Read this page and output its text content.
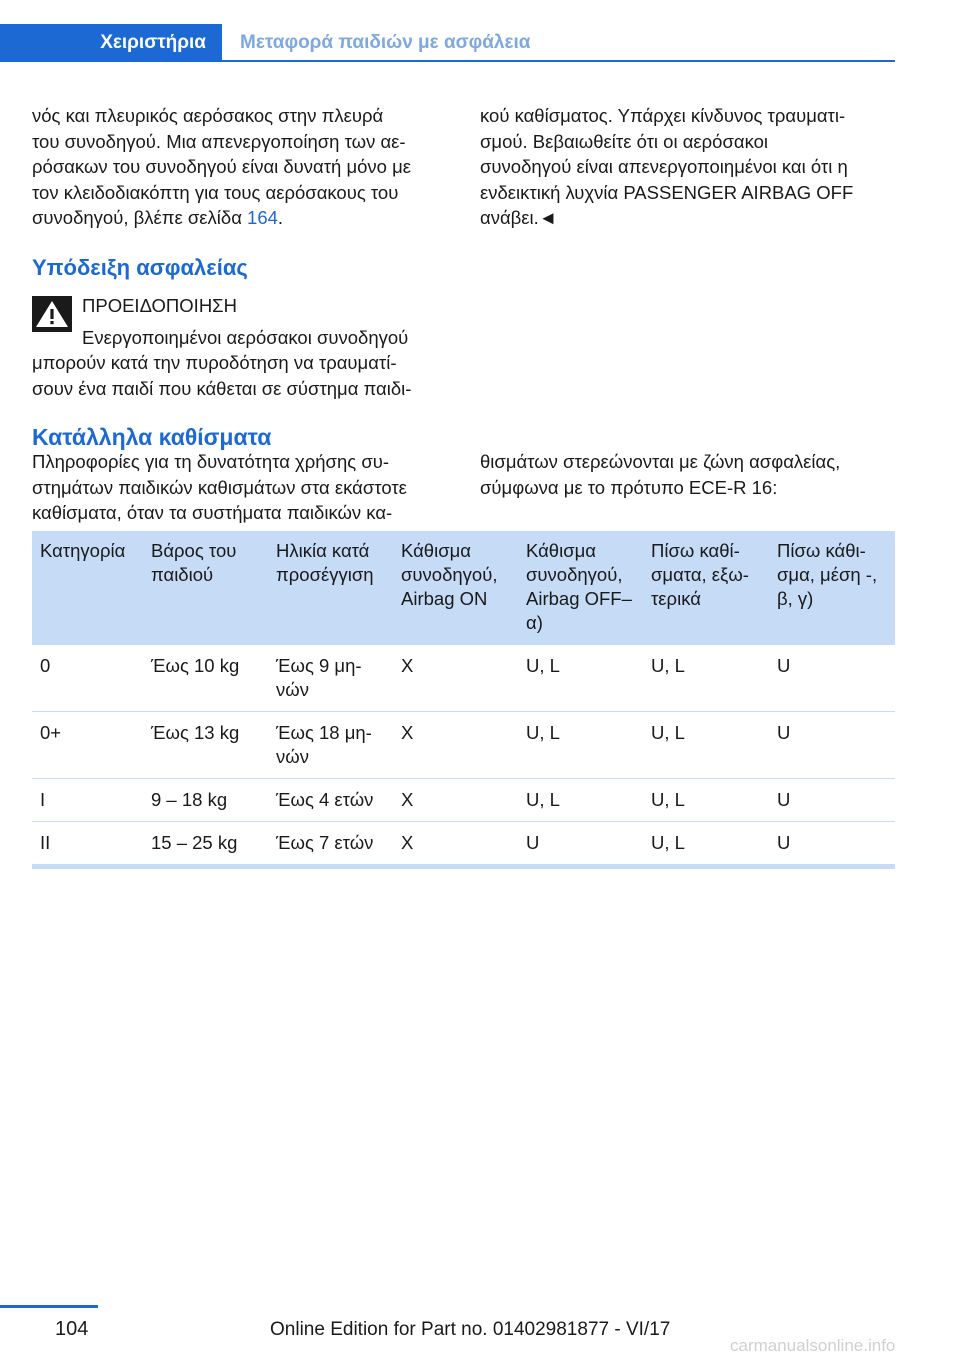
Χειριστήρια	Μεταφορά παιδιών με ασφάλεια

νός και πλευρικός αερόσακος στην πλευρά

του συνοδηγού. Μια απενεργοποίηση των αε‐

ρόσακων του συνοδηγού είναι δυνατή μόνο με

τον κλειδοδιακόπτη για τους αερόσακους του

συνοδηγού, βλέπε σελίδα 164.

κού καθίσματος. Υπάρχει κίνδυνος τραυματι‐

σμού. Βεβαιωθείτε ότι οι αερόσακοι

συνοδηγού είναι απενεργοποιημένοι και ότι η

ενδεικτική λυχνία PASSENGER AIRBAG OFF

ανάβει.◄

Υπόδειξη ασφαλείας
ΠΡΟΕΙΔΟΠΟΙΗΣΗ
Ενεργοποιημένοι αερόσακοι συνοδηγού

μπορούν κατά την πυροδότηση να τραυματί‐

σουν ένα παιδί που κάθεται σε σύστημα παιδι‐

Κατάλληλα καθίσματα

Πληροφορίες για τη δυνατότητα χρήσης συ‐

στημάτων παιδικών καθισμάτων στα εκάστοτε

καθίσματα, όταν τα συστήματα παιδικών κα‐

θισμάτων στερεώνονται με ζώνη ασφαλείας,

σύμφωνα με το πρότυπο ECE-R 16:

Κατηγορία	Βάρος του παιδιού	Ηλικία κατά προσέγγιση	Κάθισμα συνοδηγού, Airbag ON	Κάθισμα συνοδηγού, Airbag OFF– α)	Πίσω καθί‐ σματα, εξω‐ τερικά	Πίσω κάθι‐ σμα, μέση -, β, γ)
0	Έως 10 kg	Έως 9 μη‐ νών	X	U, L	U, L	U
0+	Έως 13 kg	Έως 18 μη‐ νών	X	U, L	U, L	U
I	9 – 18 kg	Έως 4 ετών	X	U, L	U, L	U
II	15 – 25 kg	Έως 7 ετών	X	U	U, L	U
104	Online Edition for Part no. 01402981877 - VI/17
carmanualsonline.info
